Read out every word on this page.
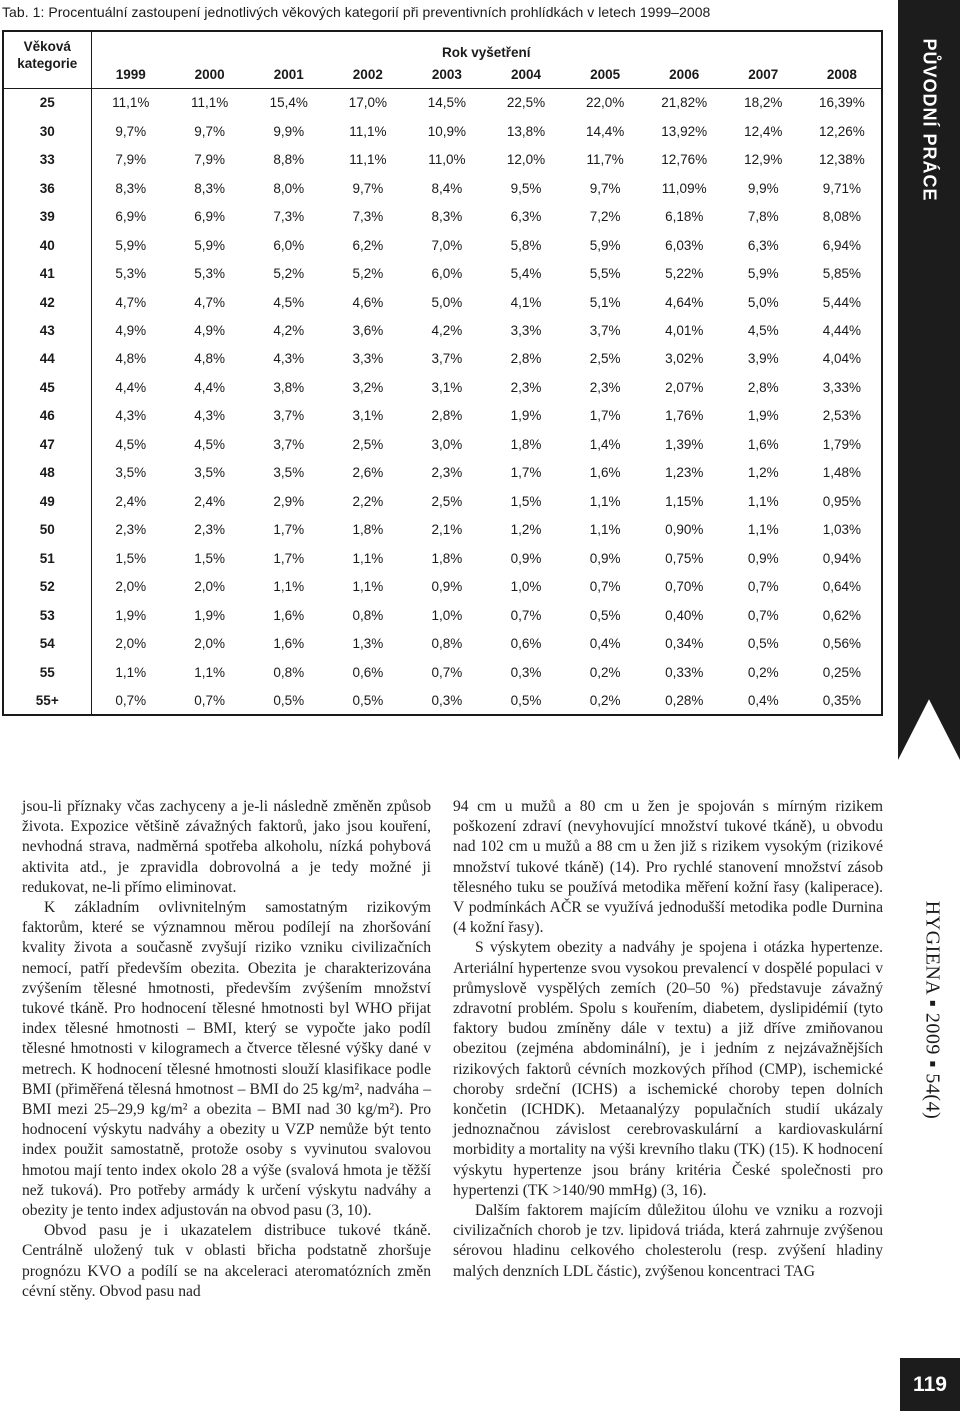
Tab. 1: Procentuální zastoupení jednotlivých věkových kategorií při preventivních prohlídkách v letech 1999–2008
Věková
kategorie	Rok vyšetření									
	1999	2000	2001	2002	2003	2004	2005	2006	2007	2008
25	11,1%	11,1%	15,4%	17,0%	14,5%	22,5%	22,0%	21,82%	18,2%	16,39%
30	9,7%	9,7%	9,9%	11,1%	10,9%	13,8%	14,4%	13,92%	12,4%	12,26%
33	7,9%	7,9%	8,8%	11,1%	11,0%	12,0%	11,7%	12,76%	12,9%	12,38%
36	8,3%	8,3%	8,0%	9,7%	8,4%	9,5%	9,7%	11,09%	9,9%	9,71%
39	6,9%	6,9%	7,3%	7,3%	8,3%	6,3%	7,2%	6,18%	7,8%	8,08%
40	5,9%	5,9%	6,0%	6,2%	7,0%	5,8%	5,9%	6,03%	6,3%	6,94%
41	5,3%	5,3%	5,2%	5,2%	6,0%	5,4%	5,5%	5,22%	5,9%	5,85%
42	4,7%	4,7%	4,5%	4,6%	5,0%	4,1%	5,1%	4,64%	5,0%	5,44%
43	4,9%	4,9%	4,2%	3,6%	4,2%	3,3%	3,7%	4,01%	4,5%	4,44%
44	4,8%	4,8%	4,3%	3,3%	3,7%	2,8%	2,5%	3,02%	3,9%	4,04%
45	4,4%	4,4%	3,8%	3,2%	3,1%	2,3%	2,3%	2,07%	2,8%	3,33%
46	4,3%	4,3%	3,7%	3,1%	2,8%	1,9%	1,7%	1,76%	1,9%	2,53%
47	4,5%	4,5%	3,7%	2,5%	3,0%	1,8%	1,4%	1,39%	1,6%	1,79%
48	3,5%	3,5%	3,5%	2,6%	2,3%	1,7%	1,6%	1,23%	1,2%	1,48%
49	2,4%	2,4%	2,9%	2,2%	2,5%	1,5%	1,1%	1,15%	1,1%	0,95%
50	2,3%	2,3%	1,7%	1,8%	2,1%	1,2%	1,1%	0,90%	1,1%	1,03%
51	1,5%	1,5%	1,7%	1,1%	1,8%	0,9%	0,9%	0,75%	0,9%	0,94%
52	2,0%	2,0%	1,1%	1,1%	0,9%	1,0%	0,7%	0,70%	0,7%	0,64%
53	1,9%	1,9%	1,6%	0,8%	1,0%	0,7%	0,5%	0,40%	0,7%	0,62%
54	2,0%	2,0%	1,6%	1,3%	0,8%	0,6%	0,4%	0,34%	0,5%	0,56%
55	1,1%	1,1%	0,8%	0,6%	0,7%	0,3%	0,2%	0,33%	0,2%	0,25%
55+	0,7%	0,7%	0,5%	0,5%	0,3%	0,5%	0,2%	0,28%	0,4%	0,35%
PŮVODNÍ PRÁCE

jsou-li příznaky včas zachyceny a je-li následně změněn způsob života. Expozice většině závažných faktorů, jako jsou kouření, nevhodná strava, nadměrná spotřeba alkoholu, nízká pohybová aktivita atd., je zpravidla dobrovolná a je tedy možné ji redukovat, ne-li přímo eliminovat.

K základním ovlivnitelným samostatným rizikovým faktorům, které se významnou měrou podílejí na zhoršování kvality života a současně zvyšují riziko vzniku civilizačních nemocí, patří především obezita. Obezita je charakterizována zvýšením tělesné hmotnosti, především zvýšením množství tukové tkáně. Pro hodnocení tělesné hmotnosti byl WHO přijat index tělesné hmotnosti – BMI, který se vypočte jako podíl tělesné hmotnosti v kilogramech a čtverce tělesné výšky dané v metrech. K hodnocení tělesné hmotnosti slouží klasifikace podle BMI (přiměřená tělesná hmotnost – BMI do 25 kg/m², nadváha – BMI mezi 25–29,9 kg/m² a obezita – BMI nad 30 kg/m²). Pro hodnocení výskytu nadváhy a obezity u VZP nemůže být tento index použit samostatně, protože osoby s vyvinutou svalovou hmotou mají tento index okolo 28 a výše (svalová hmota je těžší než tuková). Pro potřeby armády k určení výskytu nadváhy a obezity je tento index adjustován na obvod pasu (3, 10).

Obvod pasu je i ukazatelem distribuce tukové tkáně. Centrálně uložený tuk v oblasti břicha podstatně zhoršuje prognózu KVO a podílí se na akceleraci ateromatózních změn cévní stěny. Obvod pasu nad

94 cm u mužů a 80 cm u žen je spojován s mírným rizikem poškození zdraví (nevyhovující množství tukové tkáně), u obvodu nad 102 cm u mužů a 88 cm u žen již s rizikem vysokým (rizikové množství tukové tkáně) (14). Pro rychlé stanovení množství zásob tělesného tuku se používá metodika měření kožní řasy (kaliperace). V podmínkách AČR se využívá jednodušší metodika podle Durnina (4 kožní řasy).

S výskytem obezity a nadváhy je spojena i otázka hypertenze. Arteriální hypertenze svou vysokou prevalencí v dospělé populaci v průmyslově vyspělých zemích (20–50 %) představuje závažný zdravotní problém. Spolu s kouřením, diabetem, dyslipidémií (tyto faktory budou zmíněny dále v textu) a již dříve zmiňovanou obezitou (zejména abdominální), je i jedním z nejzávažnějších rizikových faktorů cévních mozkových příhod (CMP), ischemické choroby srdeční (ICHS) a ischemické choroby tepen dolních končetin (ICHDK). Metaanalýzy populačních studií ukázaly jednoznačnou závislost cerebrovaskulární a kardiovaskulární morbidity a mortality na výši krevního tlaku (TK) (15). K hodnocení výskytu hypertenze jsou brány kritéria České společnosti pro hypertenzi (TK >140/90 mmHg) (3, 16).

Dalším faktorem majícím důležitou úlohu ve vzniku a rozvoji civilizačních chorob je tzv. lipidová triáda, která zahrnuje zvýšenou sérovou hladinu celkového cholesterolu (resp. zvýšení hladiny malých denzních LDL částic), zvýšenou koncentraci TAG

HYGIENA ▪ 2009 ▪ 54(4)
119
